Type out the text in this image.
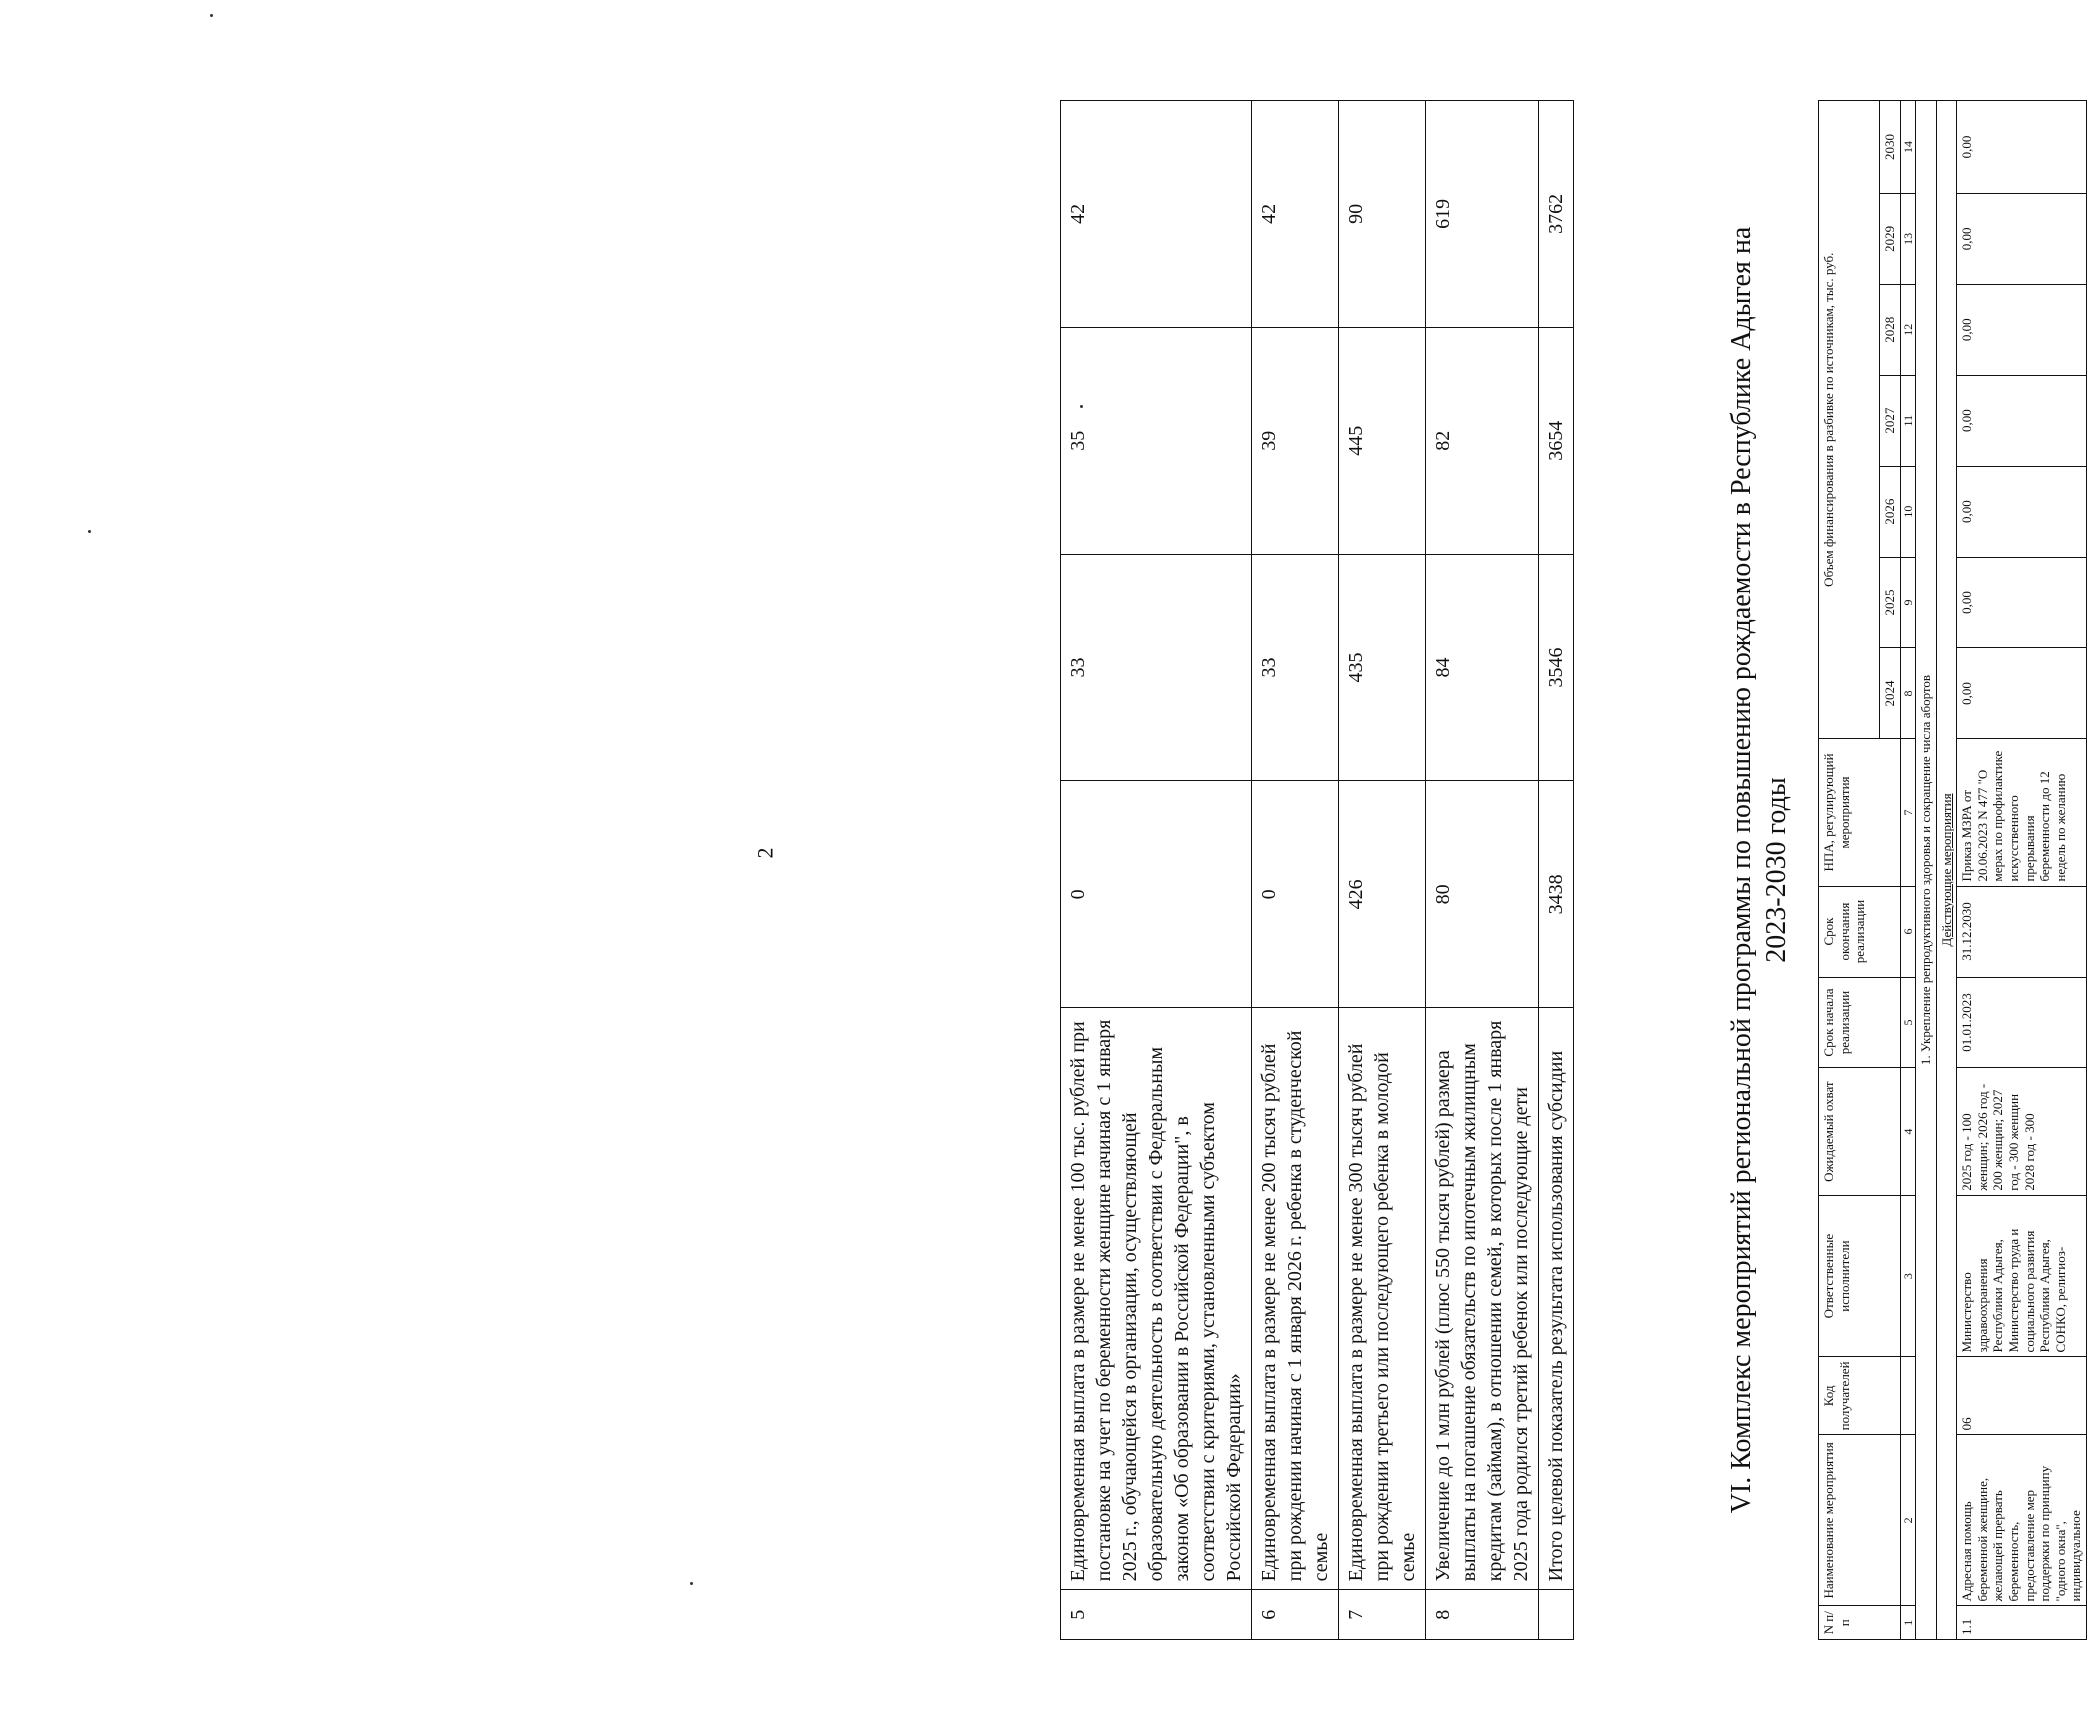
2
5	Единовременная выплата в размере не менее 100 тыс. рублей при постановке на учет по беременности женщине начиная с 1 января 2025 г., обучающейся в организации, осуществляющей образовательную деятельность в соответствии с Федеральным законом «Об образовании в Российской Федерации", в соответствии с критериями, установленными субъектом Российской Федерации»	0	33	35	42
6	Единовременная выплата в размере не менее 200 тысяч рублей при рождении начиная с 1 января 2026 г. ребенка в студенческой семье	0	33	39	42
7	Единовременная выплата в размере не менее 300 тысяч рублей при рождении третьего или последующего ребенка в молодой семье	426	435	445	90
8	Увеличение до 1 млн рублей (плюс 550 тысяч рублей) размера выплаты на погашение обязательств по ипотечным жилищным кредитам (займам), в отношении семей, в которых после 1 января 2025 года родился третий ребенок или последующие дети	80	84	82	619
	Итого целевой показатель результата использования субсидии	3438	3546	3654	3762
VI. Комплекс мероприятий региональной программы по повышению рождаемости в Республике Адыгея на 2023-2030 годы
N п/п	Наименование мероприятия	Код получателей	Ответственные исполнители	Ожидаемый охват	Срок начала реализации	Срок окончания реализации	НПА, регулирующий мероприятия	Объем финансирования в разбивке по источникам, тыс. руб.						
								2024	2025	2026	2027	2028	2029	2030
1	2		3	4	5	6	7	8	9	10	11	12	13	14
1. Укрепление репродуктивного здоровья и сокращение числа абортов														
Действующие мероприятия														
1.1	Адресная помощь беременной женщине, желающей прервать беременность, предоставление мер поддержки по принципу "одного окна", индивидуальное	06	Министерство здравоохранения Республики Адыгея, Министерство труда и социального развития Республики Адыгея, СОНКО, религиоз-	2025 год - 100 женщин; 2026 год - 200 женщин; 2027 год - 300 женщин 2028 год - 300	01.01.2023	31.12.2030	Приказ МЗРА от 20.06.2023 N 477 "О мерах по профилактике искусственного прерывания беременности до 12 недель по желанию	0,00	0,00	0,00	0,00	0,00	0,00	0,00
